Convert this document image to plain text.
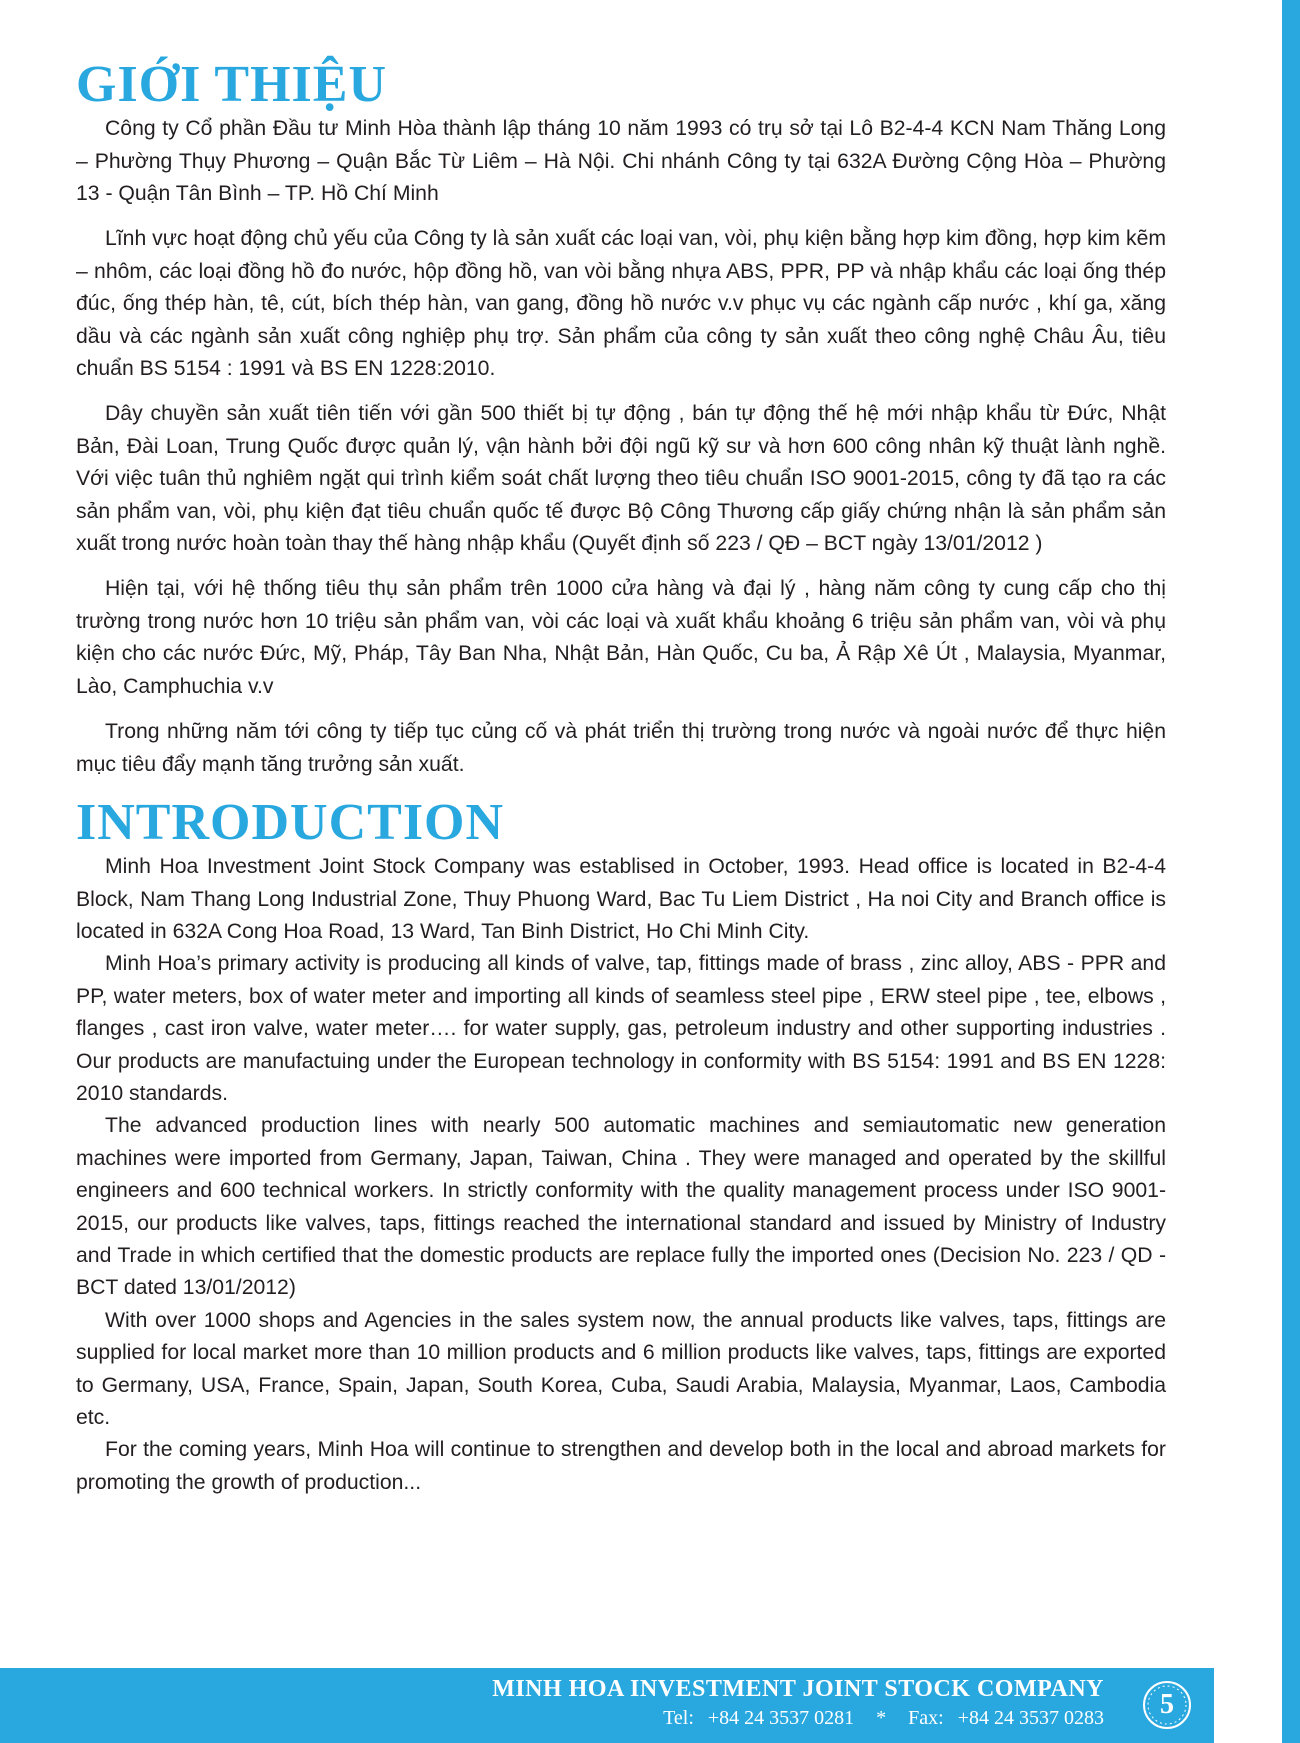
GIỚI THIỆU

Công ty Cổ phần Đầu tư Minh Hòa thành lập tháng 10 năm 1993 có trụ sở tại Lô B2-4-4 KCN Nam Thăng Long – Phường Thụy Phương – Quận Bắc Từ Liêm – Hà Nội. Chi nhánh Công ty tại 632A Đường Cộng Hòa – Phường 13 - Quận Tân Bình – TP. Hồ Chí Minh

Lĩnh vực hoạt động chủ yếu của Công ty là sản xuất các loại van, vòi, phụ kiện bằng hợp kim đồng, hợp kim kẽm – nhôm, các loại đồng hồ đo nước, hộp đồng hồ, van vòi bằng nhựa ABS, PPR, PP và nhập khẩu các loại ống thép đúc, ống thép hàn, tê, cút, bích thép hàn, van gang, đồng hồ nước v.v phục vụ các ngành cấp nước , khí ga, xăng dầu và các ngành sản xuất công nghiệp phụ trợ. Sản phẩm của công ty sản xuất theo công nghệ Châu Âu, tiêu chuẩn BS 5154 : 1991 và BS EN 1228:2010.

Dây chuyền sản xuất tiên tiến với gần 500 thiết bị tự động , bán tự động thế hệ mới nhập khẩu từ Đức, Nhật Bản, Đài Loan, Trung Quốc được quản lý, vận hành bởi đội ngũ kỹ sư và hơn 600 công nhân kỹ thuật lành nghề. Với việc tuân thủ nghiêm ngặt qui trình kiểm soát chất lượng theo tiêu chuẩn ISO 9001-2015, công ty đã tạo ra các sản phẩm van, vòi, phụ kiện đạt tiêu chuẩn quốc tế được Bộ Công Thương cấp giấy chứng nhận là sản phẩm sản xuất trong nước hoàn toàn thay thế hàng nhập khẩu (Quyết định số 223 / QĐ – BCT ngày 13/01/2012 )

Hiện tại, với hệ thống tiêu thụ sản phẩm trên 1000 cửa hàng và đại lý , hàng năm công ty cung cấp cho thị trường trong nước hơn 10 triệu sản phẩm van, vòi các loại và xuất khẩu khoảng 6 triệu sản phẩm van, vòi và phụ kiện cho các nước Đức, Mỹ, Pháp, Tây Ban Nha, Nhật Bản, Hàn Quốc, Cu ba, Ả Rập Xê Út , Malaysia, Myanmar, Lào, Camphuchia v.v

Trong những năm tới công ty tiếp tục củng cố và phát triển thị trường trong nước và ngoài nước để thực hiện mục tiêu đẩy mạnh tăng trưởng sản xuất.

INTRODUCTION

Minh Hoa Investment Joint Stock Company was establised in October, 1993. Head office is located in B2-4-4 Block, Nam Thang Long Industrial Zone, Thuy Phuong Ward, Bac Tu Liem District , Ha noi City and Branch office is located in 632A Cong Hoa Road, 13 Ward, Tan Binh District, Ho Chi Minh City.

Minh Hoa’s primary activity is producing all kinds of valve, tap, fittings made of brass , zinc alloy, ABS - PPR and PP, water meters, box of water meter and importing all kinds of seamless steel pipe , ERW steel pipe , tee, elbows , flanges , cast iron valve, water meter…. for water supply, gas, petroleum industry and other supporting industries . Our products are manufactuing under the European technology in conformity with BS 5154: 1991 and BS EN 1228: 2010 standards.

The advanced production lines with nearly 500 automatic machines and semiautomatic new generation machines were imported from Germany, Japan, Taiwan, China . They were managed and operated by the skillful engineers and 600 technical workers. In strictly conformity with the quality management process under ISO 9001-2015, our products like valves, taps, fittings reached the international standard and issued by Ministry of Industry and Trade in which certified that the domestic products are replace fully the imported ones (Decision No. 223 / QD - BCT dated 13/01/2012)

With over 1000 shops and Agencies in the sales system now, the annual products like valves, taps, fittings are supplied for local market more than 10 million products and 6 million products like valves, taps, fittings are exported to Germany, USA, France, Spain, Japan, South Korea, Cuba, Saudi Arabia, Malaysia, Myanmar, Laos, Cambodia etc.

For the coming years, Minh Hoa will continue to strengthen and develop both in the local and abroad markets for promoting the growth of production...

MINH HOA INVESTMENT JOINT STOCK COMPANY
Tel: +84 24 3537 0281 * Fax: +84 24 3537 0283	5
